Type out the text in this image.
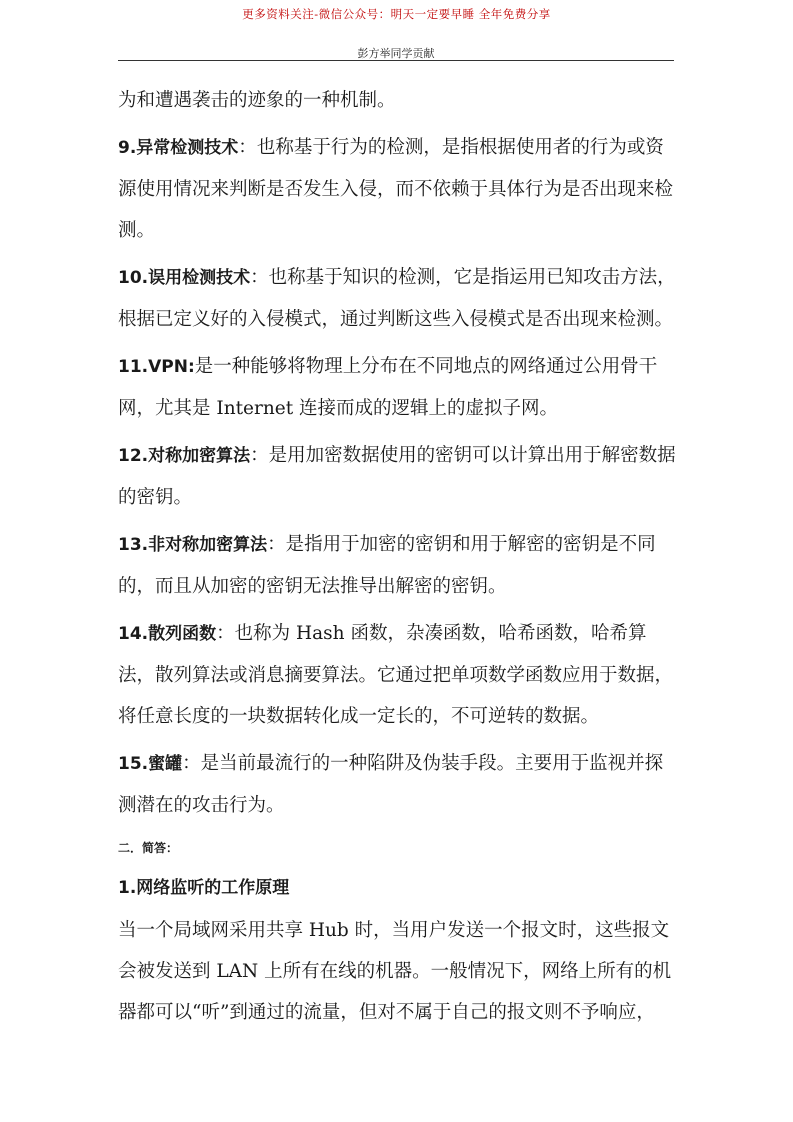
更多资料关注-微信公众号：明天一定要早睡 全年免费分享
彭方举同学贡献

为和遭遇袭击的迹象的一种机制。

9.异常检测技术：也称基于行为的检测，是指根据使用者的行为或资源使用情况来判断是否发生入侵，而不依赖于具体行为是否出现来检测。

10.误用检测技术：也称基于知识的检测，它是指运用已知攻击方法，根据已定义好的入侵模式，通过判断这些入侵模式是否出现来检测。

11.VPN:是一种能够将物理上分布在不同地点的网络通过公用骨干网，尤其是 Internet 连接而成的逻辑上的虚拟子网。

12.对称加密算法：是用加密数据使用的密钥可以计算出用于解密数据的密钥。

13.非对称加密算法：是指用于加密的密钥和用于解密的密钥是不同的，而且从加密的密钥无法推导出解密的密钥。

14.散列函数：也称为 Hash 函数，杂凑函数，哈希函数，哈希算法，散列算法或消息摘要算法。它通过把单项数学函数应用于数据，将任意长度的一块数据转化成一定长的，不可逆转的数据。

15.蜜罐：是当前最流行的一种陷阱及伪装手段。主要用于监视并探测潜在的攻击行为。

二．简答：

1.网络监听的工作原理

当一个局域网采用共享 Hub 时，当用户发送一个报文时，这些报文会被发送到 LAN 上所有在线的机器。一般情况下，网络上所有的机器都可以“听”到通过的流量，但对不属于自己的报文则不予响应，
